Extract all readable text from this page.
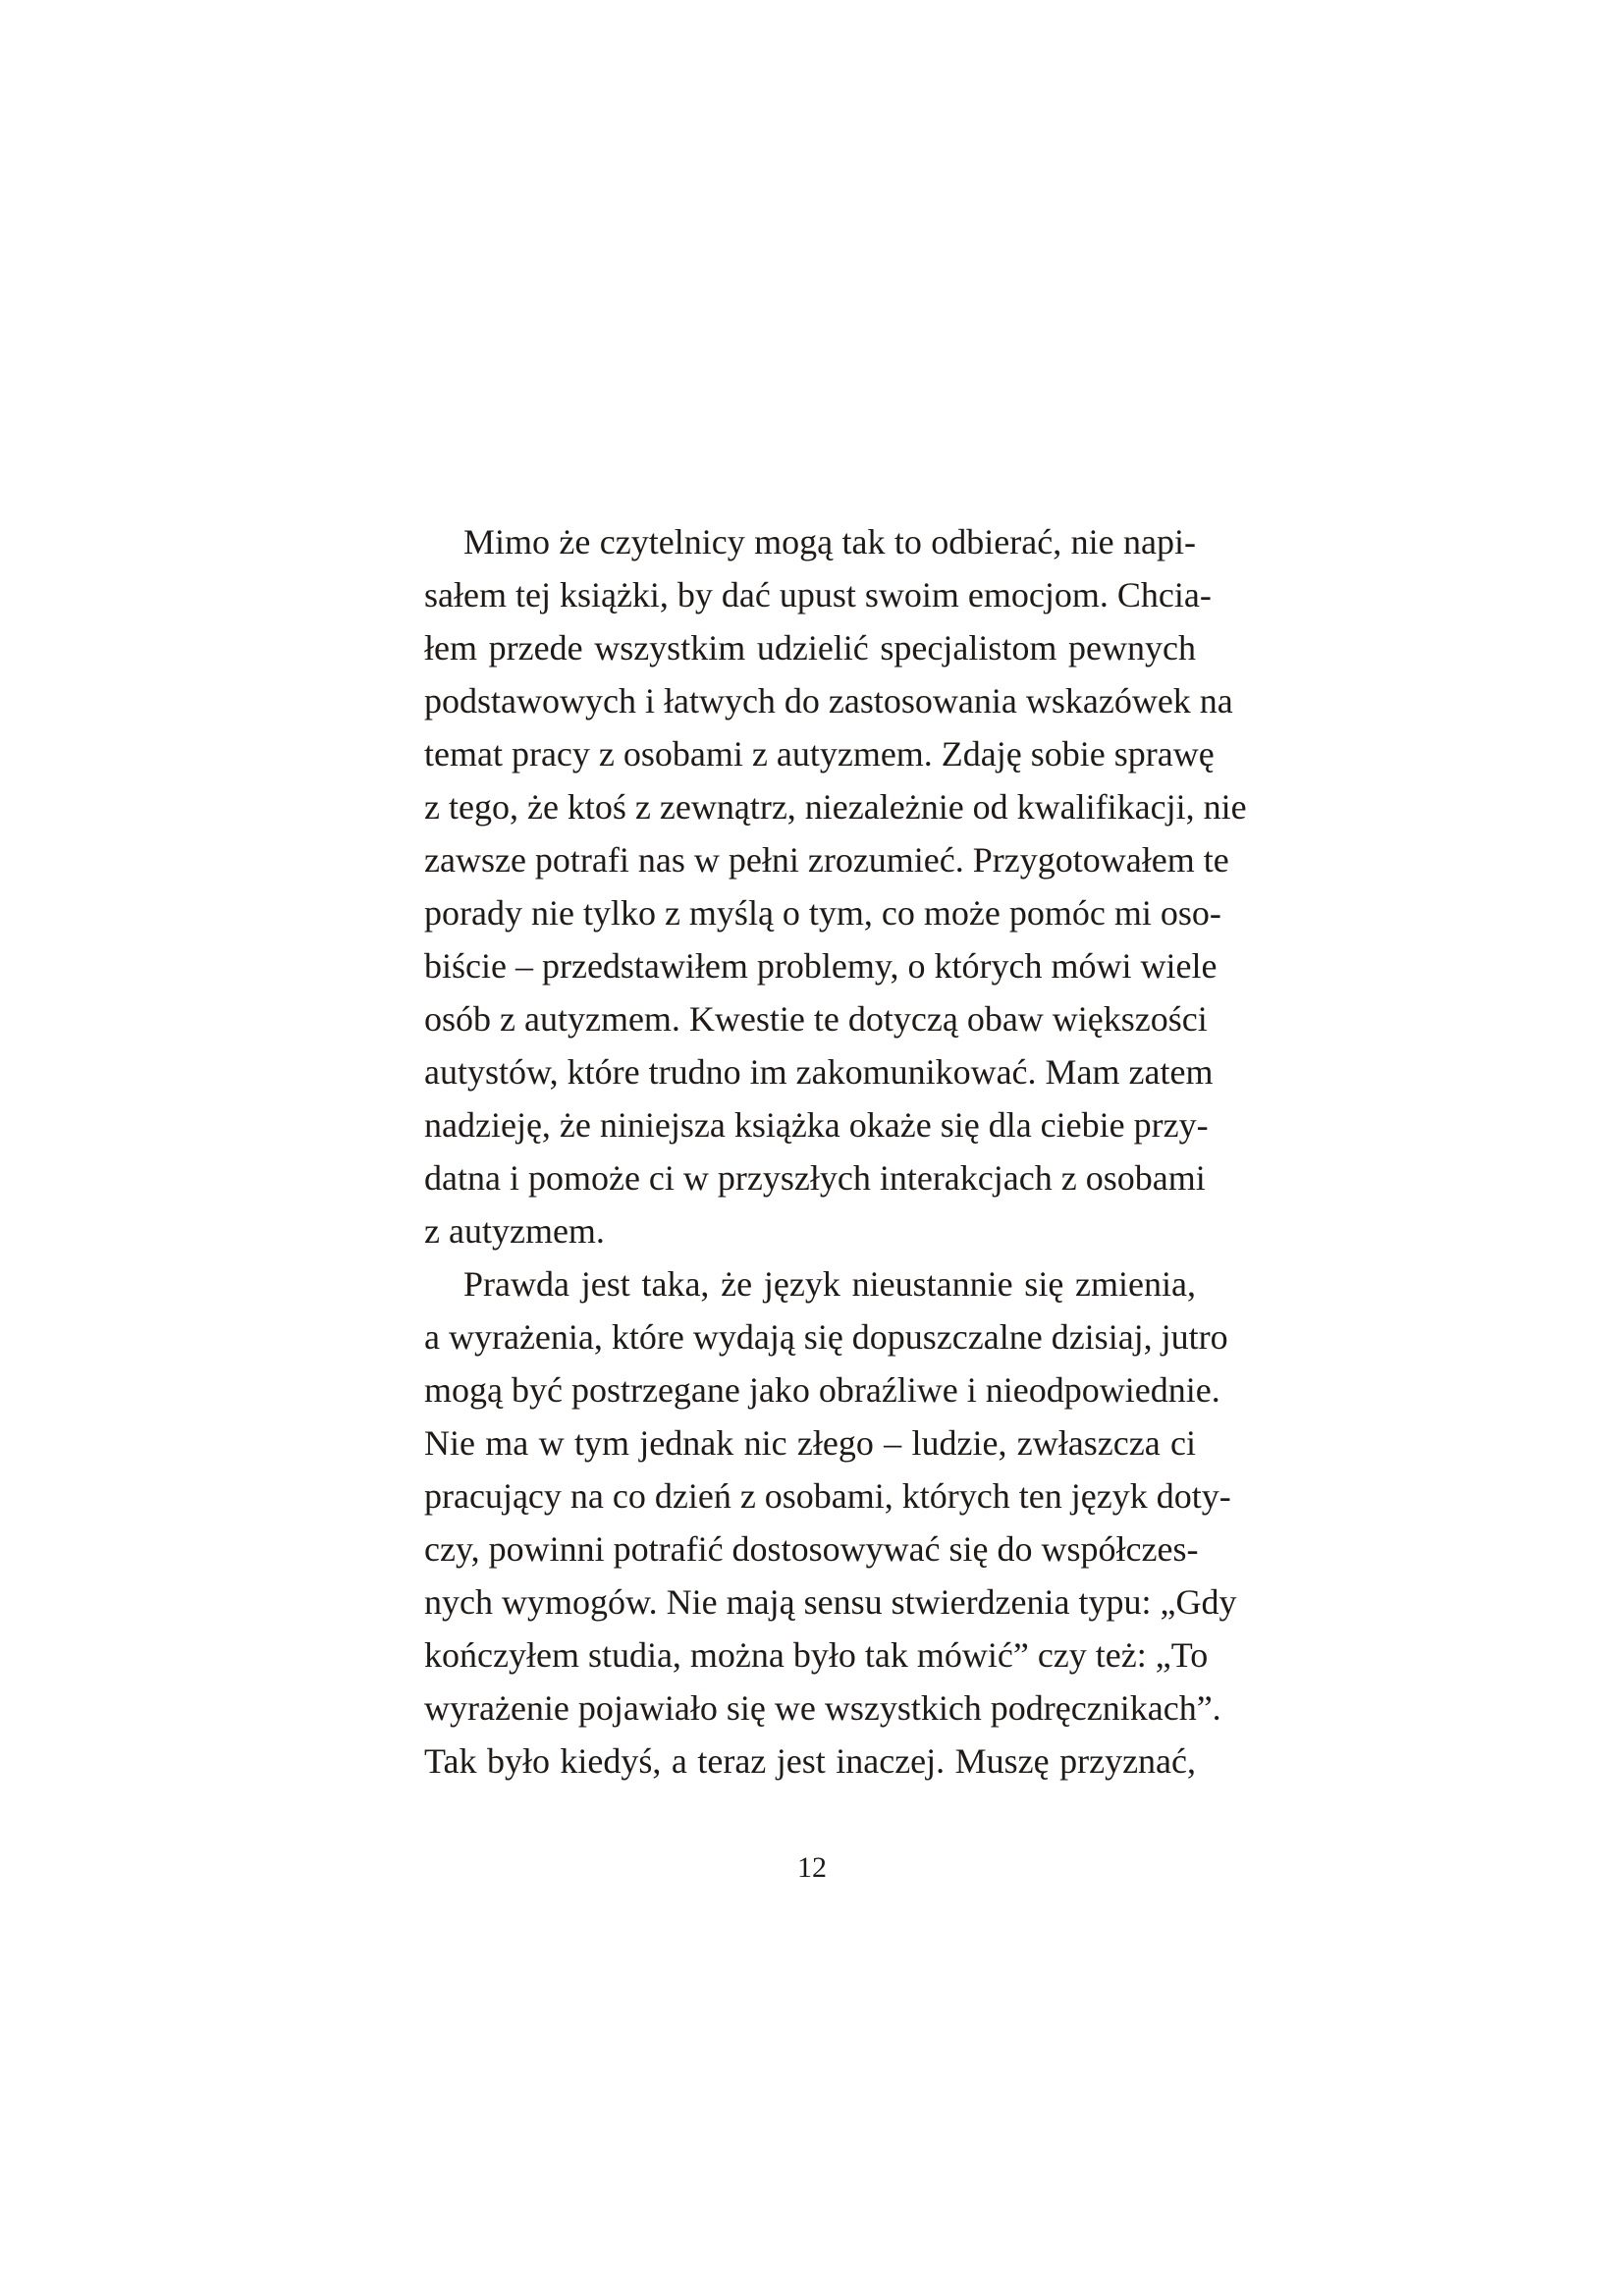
Mimo że czytelnicy mogą tak to odbierać, nie napi-
sałem tej książki, by dać upust swoim emocjom. Chcia-
łem przede wszystkim udzielić specjalistom pewnych
podstawowych i łatwych do zastosowania wskazówek na
temat pracy z osobami z autyzmem. Zdaję sobie sprawę
z tego, że ktoś z zewnątrz, niezależnie od kwalifikacji, nie
zawsze potrafi nas w pełni zrozumieć. Przygotowałem te
porady nie tylko z myślą o tym, co może pomóc mi oso-
biście – przedstawiłem problemy, o których mówi wiele
osób z autyzmem. Kwestie te dotyczą obaw większości
autystów, które trudno im zakomunikować. Mam zatem
nadzieję, że niniejsza książka okaże się dla ciebie przy-
datna i pomoże ci w przyszłych interakcjach z osobami
z autyzmem.
Prawda jest taka, że język nieustannie się zmienia,
a wyrażenia, które wydają się dopuszczalne dzisiaj, jutro
mogą być postrzegane jako obraźliwe i nieodpowiednie.
Nie ma w tym jednak nic złego – ludzie, zwłaszcza ci
pracujący na co dzień z osobami, których ten język doty-
czy, powinni potrafić dostosowywać się do współczes-
nych wymogów. Nie mają sensu stwierdzenia typu: „Gdy
kończyłem studia, można było tak mówić” czy też: „To
wyrażenie pojawiało się we wszystkich podręcznikach”.
Tak było kiedyś, a teraz jest inaczej. Muszę przyznać,
12
